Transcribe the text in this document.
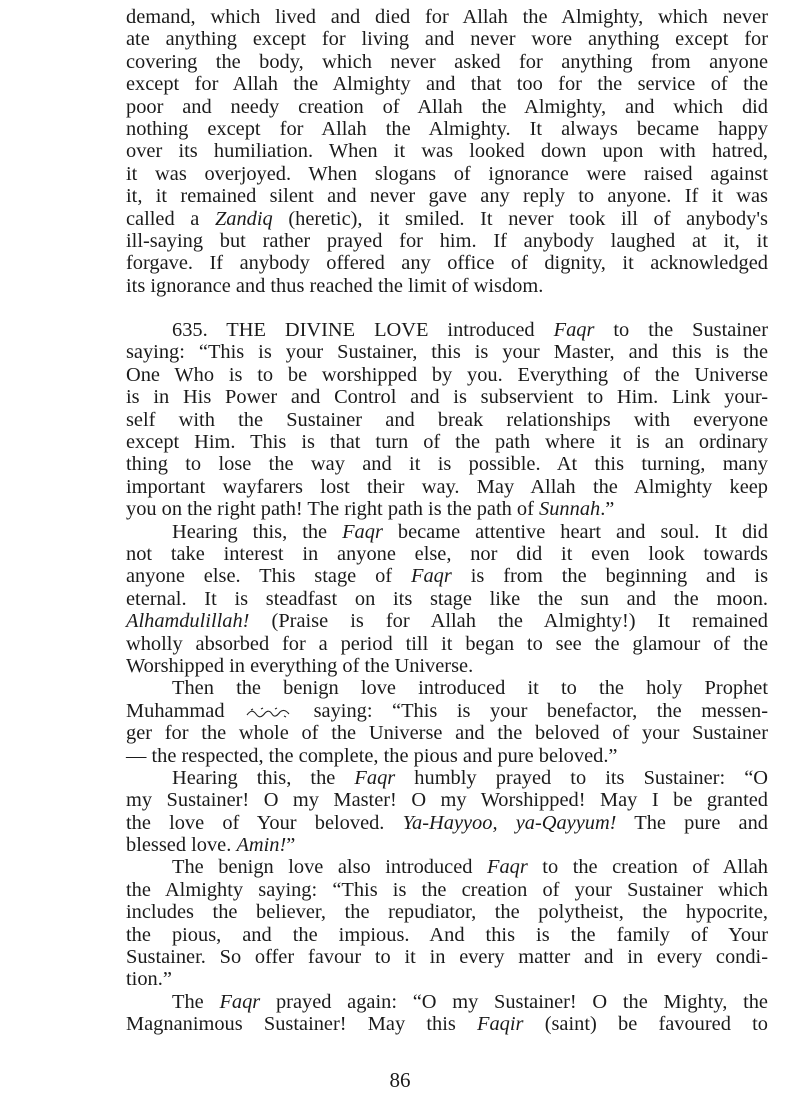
demand, which lived and died for Allah the Almighty, which never
ate anything except for living and never wore anything except for
covering the body, which never asked for anything from anyone
except for Allah the Almighty and that too for the service of the
poor and needy creation of Allah the Almighty, and which did
nothing except for Allah the Almighty. It always became happy
over its humiliation. When it was looked down upon with hatred,
it was overjoyed. When slogans of ignorance were raised against
it, it remained silent and never gave any reply to anyone. If it was
called a Zandiq (heretic), it smiled. It never took ill of anybody's
ill-saying but rather prayed for him. If anybody laughed at it, it
forgave. If anybody offered any office of dignity, it acknowledged
its ignorance and thus reached the limit of wisdom.
635. THE DIVINE LOVE introduced Faqr to the Sustainer
saying: “This is your Sustainer, this is your Master, and this is the
One Who is to be worshipped by you. Everything of the Universe
is in His Power and Control and is subservient to Him. Link your-
self with the Sustainer and break relationships with everyone
except Him. This is that turn of the path where it is an ordinary
thing to lose the way and it is possible. At this turning, many
important wayfarers lost their way. May Allah the Almighty keep
you on the right path! The right path is the path of Sunnah.”
Hearing this, the Faqr became attentive heart and soul. It did
not take interest in anyone else, nor did it even look towards
anyone else. This stage of Faqr is from the beginning and is
eternal. It is steadfast on its stage like the sun and the moon.
Alhamdulillah! (Praise is for Allah the Almighty!) It remained
wholly absorbed for a period till it began to see the glamour of the
Worshipped in everything of the Universe.
Then the benign love introduced it to the holy Prophet
Muhammad
saying: “This is your benefactor, the messen-
ger for the whole of the Universe and the beloved of your Sustainer
— the respected, the complete, the pious and pure beloved.”
Hearing this, the Faqr humbly prayed to its Sustainer: “O
my Sustainer! O my Master! O my Worshipped! May I be granted
the love of Your beloved. Ya-Hayyoo, ya-Qayyum! The pure and
blessed love. Amin!”
The benign love also introduced Faqr to the creation of Allah
the Almighty saying: “This is the creation of your Sustainer which
includes the believer, the repudiator, the polytheist, the hypocrite,
the pious, and the impious. And this is the family of Your
Sustainer. So offer favour to it in every matter and in every condi-
tion.”
The Faqr prayed again: “O my Sustainer! O the Mighty, the
Magnanimous Sustainer! May this Faqir (saint) be favoured to
86
